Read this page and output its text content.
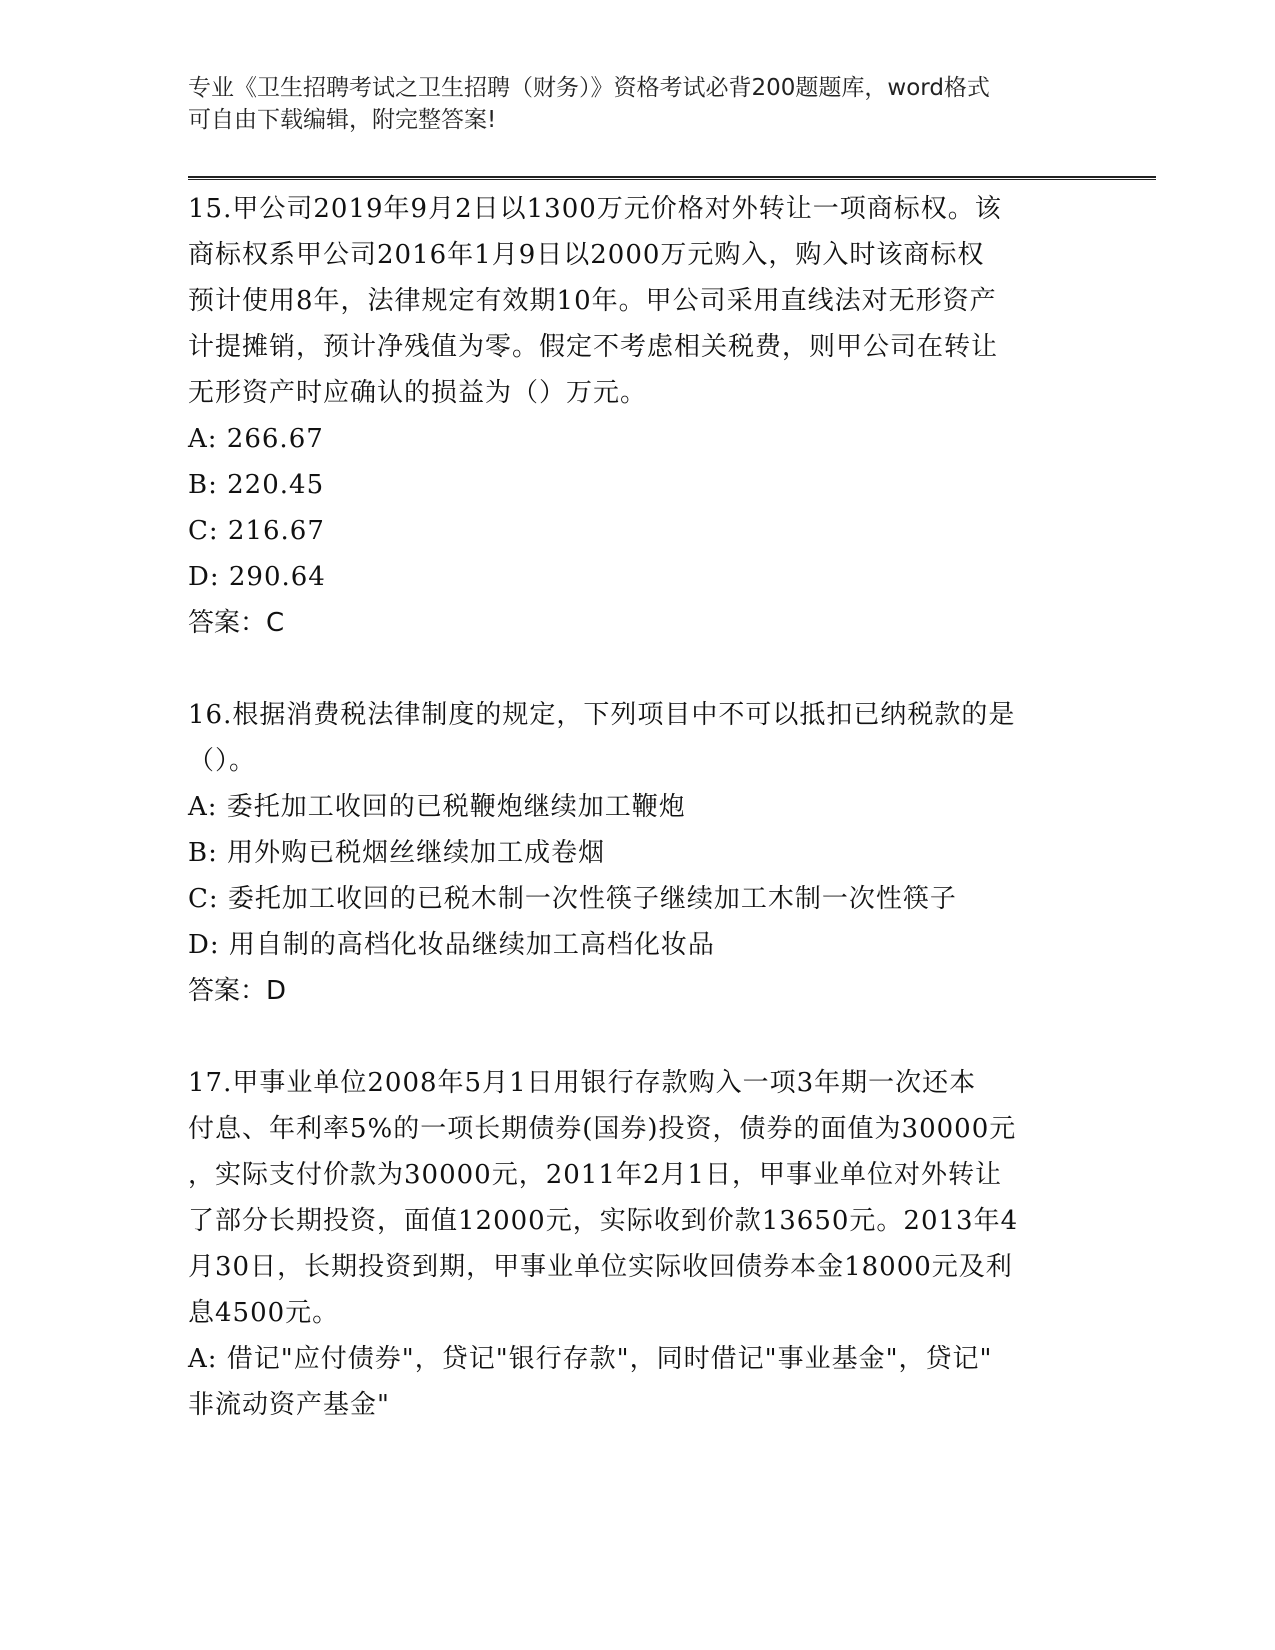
专业《卫生招聘考试之卫生招聘（财务）》资格考试必背200题题库，word格式
可自由下载编辑，附完整答案!
15.甲公司2019年9月2日以1300万元价格对外转让一项商标权。该
商标权系甲公司2016年1月9日以2000万元购入，购入时该商标权
预计使用8年，法律规定有效期10年。甲公司采用直线法对无形资产
计提摊销，预计净残值为零。假定不考虑相关税费，则甲公司在转让
无形资产时应确认的损益为（）万元。
A: 266.67
B: 220.45
C: 216.67
D: 290.64
答案：C
16.根据消费税法律制度的规定，下列项目中不可以抵扣已纳税款的是
（）。
A: 委托加工收回的已税鞭炮继续加工鞭炮
B: 用外购已税烟丝继续加工成卷烟
C: 委托加工收回的已税木制一次性筷子继续加工木制一次性筷子
D: 用自制的高档化妆品继续加工高档化妆品
答案：D
17.甲事业单位2008年5月1日用银行存款购入一项3年期一次还本
付息、年利率5%的一项长期债券(国券)投资，债券的面值为30000元
，实际支付价款为30000元，2011年2月1日，甲事业单位对外转让
了部分长期投资，面值12000元，实际收到价款13650元。2013年4
月30日，长期投资到期，甲事业单位实际收回债券本金18000元及利
息4500元。
A: 借记"应付债券"，贷记"银行存款"，同时借记"事业基金"，贷记"
非流动资产基金"
